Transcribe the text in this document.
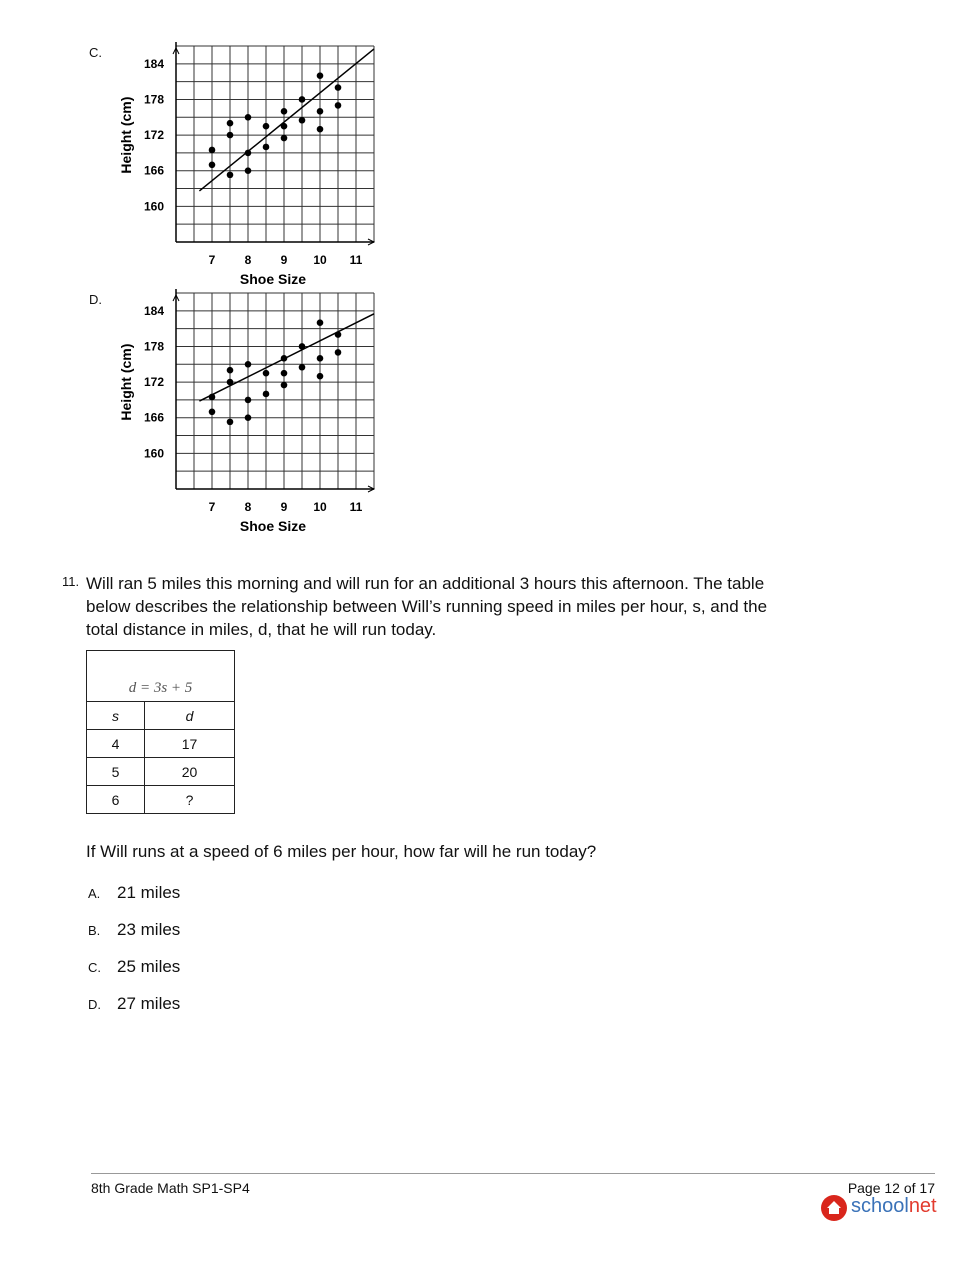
C.
160
166
172
178
184
7 8 9 10 11
Shoe Size
Height (cm)
D.
160
166
172
178
184
7 8 9 10 11
Shoe Size
Height (cm)
11. Will ran 5 miles this morning and will run for an additional 3 hours this afternoon. The table below describes the relationship between Will’s running speed in miles per hour, s, and the total distance in miles, d, that he will run today.
d = 3s + 5	
s	d
4	17
5	20
6	?
If Will runs at a speed of 6 miles per hour, how far will he run today?
A. 21 miles
B. 23 miles
C. 25 miles
D. 27 miles
8th Grade Math SP1-SP4	Page 12 of 17
schoolnet
